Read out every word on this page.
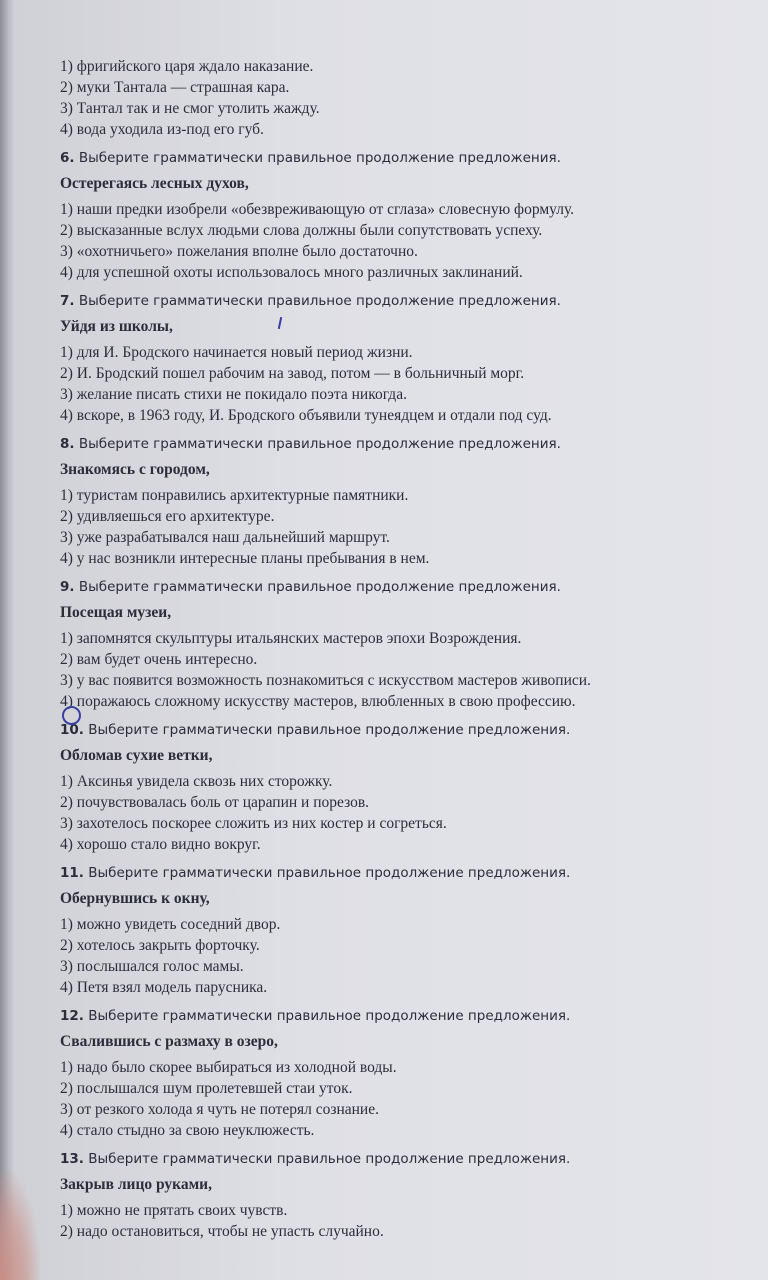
1) фригийского царя ждало наказание.
2) муки Тантала — страшная кара.
3) Тантал так и не смог утолить жажду.
4) вода уходила из-под его губ.
6. Выберите грамматически правильное продолжение предложения.
Остерегаясь лесных духов,
1) наши предки изобрели «обезвреживающую от сглаза» словесную формулу.
2) высказанные вслух людьми слова должны были сопутствовать успеху.
3) «охотничьего» пожелания вполне было достаточно.
4) для успешной охоты использовалось много различных заклинаний.
7. Выберите грамматически правильное продолжение предложения.
Уйдя из школы,
1) для И. Бродского начинается новый период жизни.
2) И. Бродский пошел рабочим на завод, потом — в больничный морг.
3) желание писать стихи не покидало поэта никогда.
4) вскоре, в 1963 году, И. Бродского объявили тунеядцем и отдали под суд.
8. Выберите грамматически правильное продолжение предложения.
Знакомясь с городом,
1) туристам понравились архитектурные памятники.
2) удивляешься его архитектуре.
3) уже разрабатывался наш дальнейший маршрут.
4) у нас возникли интересные планы пребывания в нем.
9. Выберите грамматически правильное продолжение предложения.
Посещая музеи,
1) запомнятся скульптуры итальянских мастеров эпохи Возрождения.
2) вам будет очень интересно.
3) у вас появится возможность познакомиться с искусством мастеров живописи.
4) поражаюсь сложному искусству мастеров, влюбленных в свою профессию.
10. Выберите грамматически правильное продолжение предложения.
Обломав сухие ветки,
1) Аксинья увидела сквозь них сторожку.
2) почувствовалась боль от царапин и порезов.
3) захотелось поскорее сложить из них костер и согреться.
4) хорошо стало видно вокруг.
11. Выберите грамматически правильное продолжение предложения.
Обернувшись к окну,
1) можно увидеть соседний двор.
2) хотелось закрыть форточку.
3) послышался голос мамы.
4) Петя взял модель парусника.
12. Выберите грамматически правильное продолжение предложения.
Свалившись с размаху в озеро,
1) надо было скорее выбираться из холодной воды.
2) послышался шум пролетевшей стаи уток.
3) от резкого холода я чуть не потерял сознание.
4) стало стыдно за свою неуклюжесть.
13. Выберите грамматически правильное продолжение предложения.
Закрыв лицо руками,
1) можно не прятать своих чувств.
2) надо остановиться, чтобы не упасть случайно.
